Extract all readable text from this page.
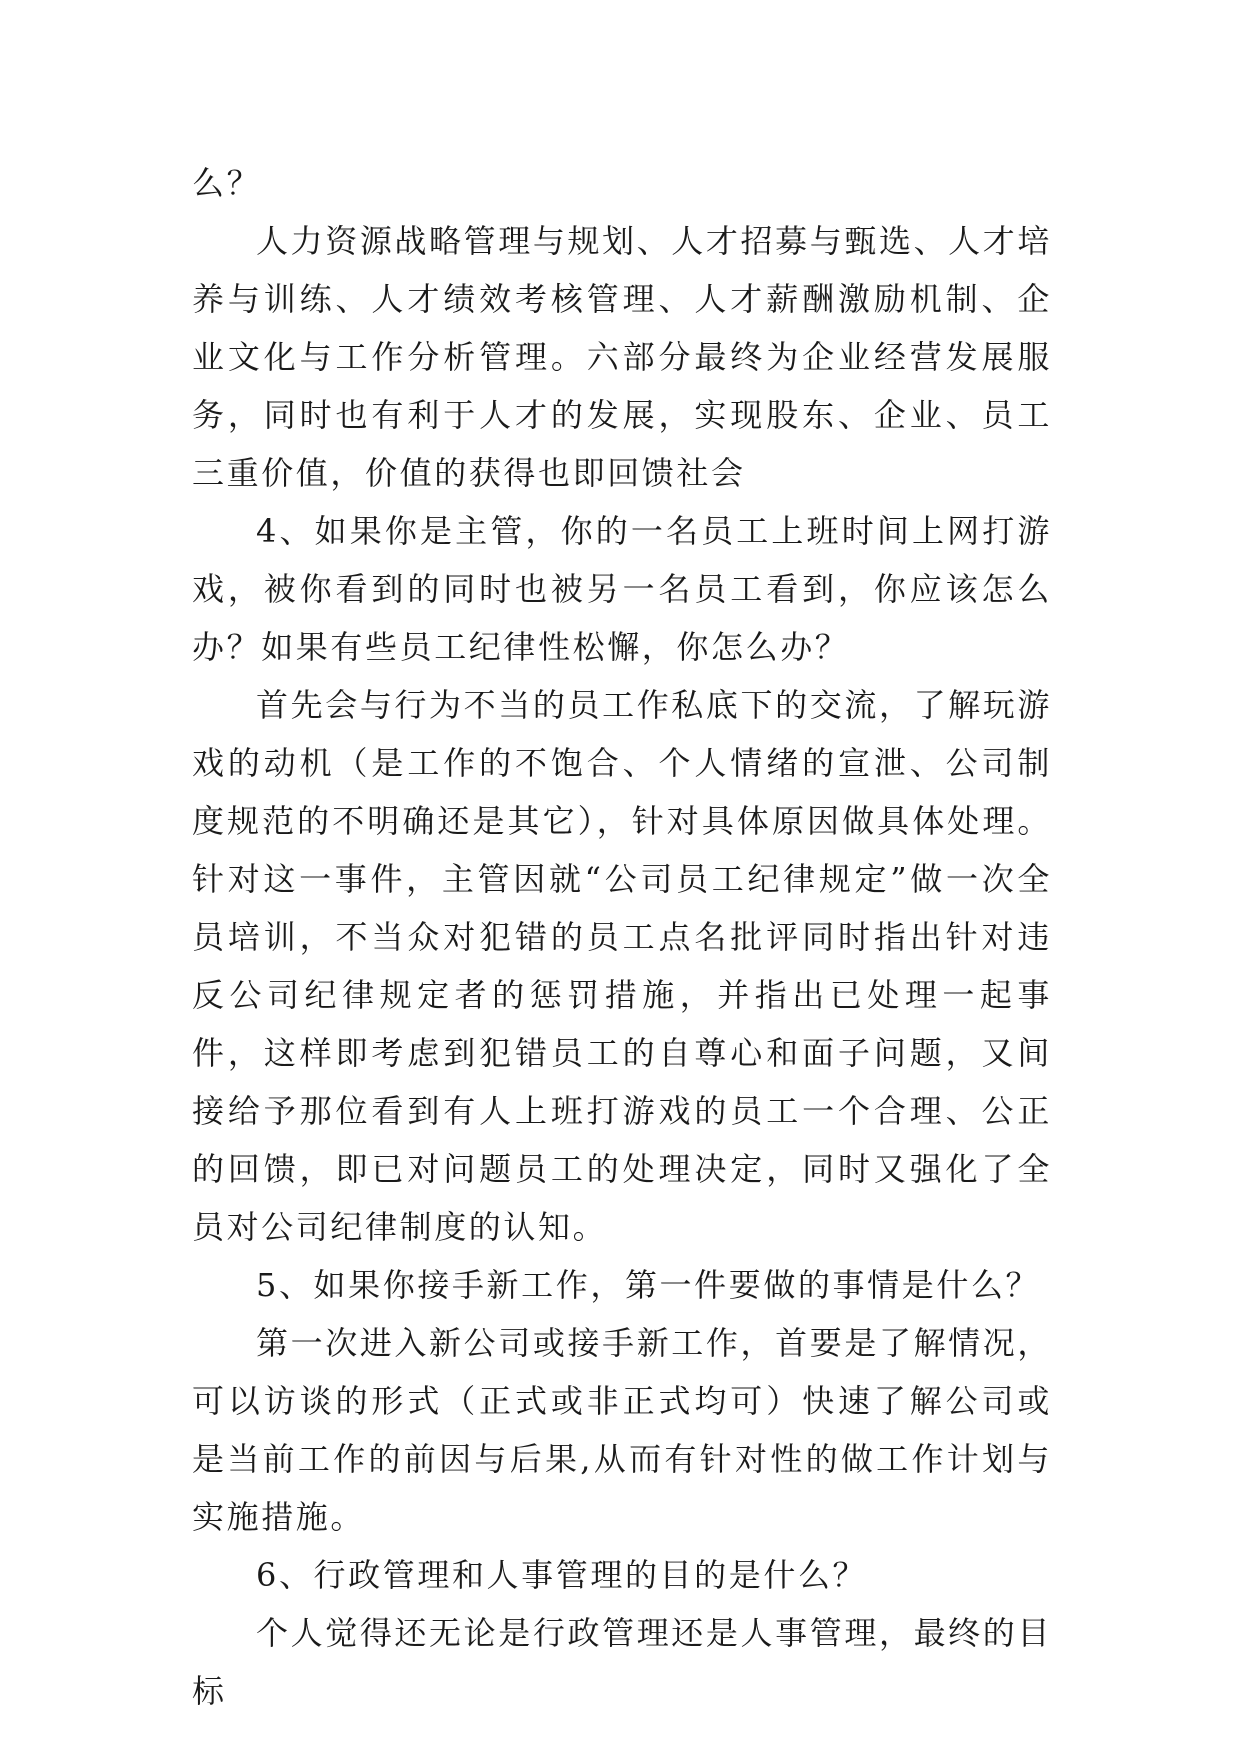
么？

人力资源战略管理与规划、人才招募与甄选、人才培养与训练、人才绩效考核管理、人才薪酬激励机制、企业文化与工作分析管理。六部分最终为企业经营发展服务，同时也有利于人才的发展，实现股东、企业、员工三重价值，价值的获得也即回馈社会

4、如果你是主管，你的一名员工上班时间上网打游戏，被你看到的同时也被另一名员工看到，你应该怎么办？如果有些员工纪律性松懈，你怎么办？

首先会与行为不当的员工作私底下的交流，了解玩游戏的动机（是工作的不饱合、个人情绪的宣泄、公司制度规范的不明确还是其它），针对具体原因做具体处理。针对这一事件，主管因就“公司员工纪律规定”做一次全员培训，不当众对犯错的员工点名批评同时指出针对违反公司纪律规定者的惩罚措施，并指出已处理一起事件，这样即考虑到犯错员工的自尊心和面子问题，又间接给予那位看到有人上班打游戏的员工一个合理、公正的回馈，即已对问题员工的处理决定，同时又强化了全员对公司纪律制度的认知。

5、如果你接手新工作，第一件要做的事情是什么？

第一次进入新公司或接手新工作，首要是了解情况，可以访谈的形式（正式或非正式均可）快速了解公司或是当前工作的前因与后果,从而有针对性的做工作计划与实施措施。

6、行政管理和人事管理的目的是什么？

个人觉得还无论是行政管理还是人事管理，最终的目标
